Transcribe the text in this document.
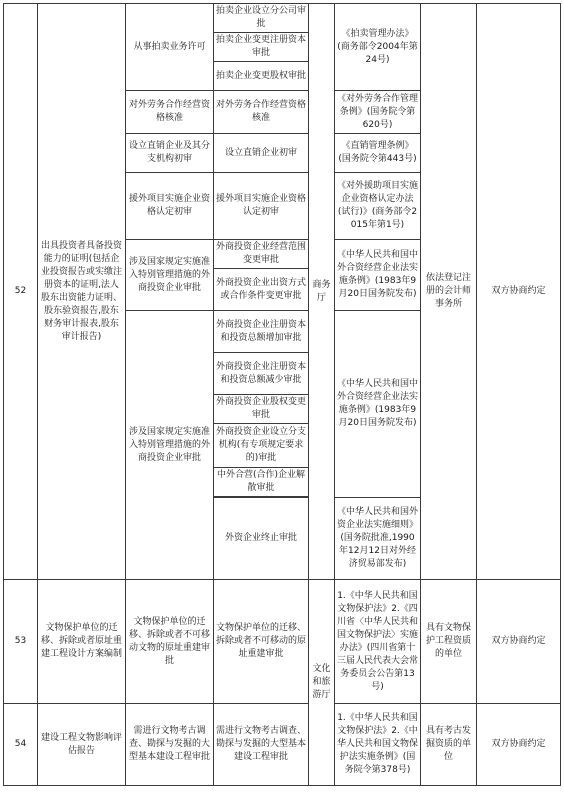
52	出具投资者具备投资能力的证明(包括企业投资报告或实缴注册资本的证明,法人股东出资能力证明、股东验资报告,股东财务审计报表,股东审计报告)	从事拍卖业务许可	拍卖企业设立分公司审批	商务厅	《拍卖管理办法》(商务部令2004年第24号)	依法登记注册的会计师事务所	双方协商约定
			拍卖企业变更注册资本审批				
			拍卖企业变更股权审批				
		对外劳务合作经营资格核准	对外劳务合作经营资格核准		《对外劳务合作管理条例》(国务院令第620号)		
		设立直销企业及其分支机构初审	设立直销企业初审		《直销管理条例》(国务院令第443号)		
		援外项目实施企业资格认定初审	援外项目实施企业资格认定初审		《对外援助项目实施企业资格认定办法(试行)》(商务部令2015年第1号)		
		涉及国家规定实施准入特别管理措施的外商投资企业审批	外商投资企业经营范围变更审批		《中华人民共和国中外合资经营企业法实施条例》(1983年9月20日国务院发布)		
			外商投资企业出资方式或合作条件变更审批				
		涉及国家规定实施准入特别管理措施的外商投资企业审批	外商投资企业注册资本和投资总额增加审批		《中华人民共和国中外合资经营企业法实施条例》(1983年9月20日国务院发布)		
			外商投资企业注册资本和投资总额减少审批				
			外商投资企业股权变更审批				
			外商投资企业设立分支机构(有专项规定要求的)审批				
			中外合营(合作)企业解散审批				

			外资企业终止审批		《中华人民共和国外资企业法实施细则》(国务院批准,1990年12月12日对外经济贸易部发布)		
53	文物保护单位的迁移、拆除或者原址重建工程设计方案编制	文物保护单位的迁移、拆除或者不可移动文物的原址重建审批	文物保护单位的迁移、拆除或者不可移动的原址重建审批	文化和旅游厅	1.《中华人民共和国文物保护法》2.《四川省〈中华人民共和国文物保护法〉实施办法》(四川省第十三届人民代表大会常务委员会公告第13号)	具有文物保护工程资质的单位	双方协商约定
54	建设工程文物影响评估报告	需进行文物考古调查、勘探与发掘的大型基本建设工程审批	需进行文物考古调查、勘探与发掘的大型基本建设工程审批		1.《中华人民共和国文物保护法》2.《中华人民共和国文物保护法实施条例》(国务院令第378号)	具有考古发掘资质的单位	双方协商约定
